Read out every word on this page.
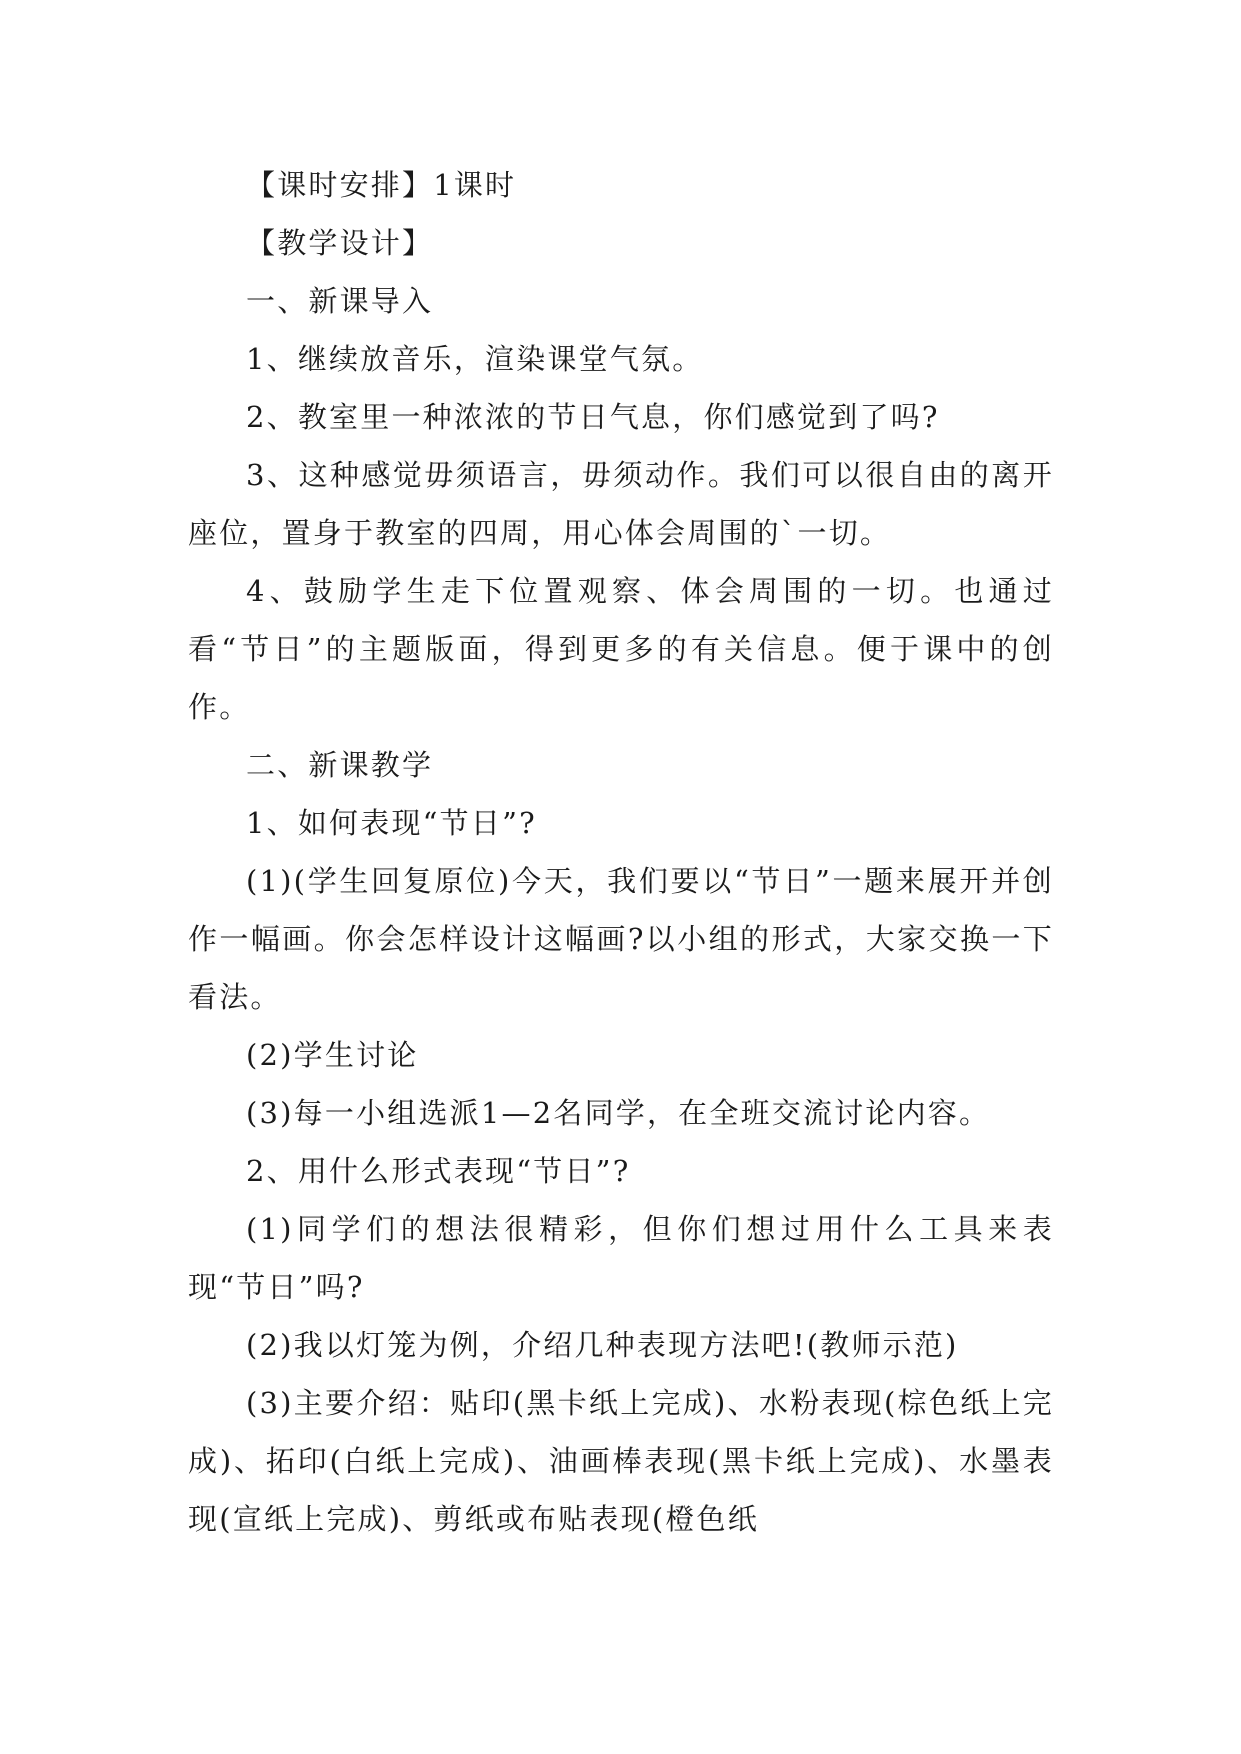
【课时安排】1课时

【教学设计】

一、新课导入

1、继续放音乐，渲染课堂气氛。

2、教室里一种浓浓的节日气息，你们感觉到了吗?

3、这种感觉毋须语言，毋须动作。我们可以很自由的离开座位，置身于教室的四周，用心体会周围的`一切。

4、鼓励学生走下位置观察、体会周围的一切。也通过看“节日”的主题版面，得到更多的有关信息。便于课中的创作。

二、新课教学

1、如何表现“节日”?

(1)(学生回复原位)今天，我们要以“节日”一题来展开并创作一幅画。你会怎样设计这幅画?以小组的形式，大家交换一下看法。

(2)学生讨论

(3)每一小组选派1—2名同学，在全班交流讨论内容。

2、用什么形式表现“节日”?

(1)同学们的想法很精彩，但你们想过用什么工具来表现“节日”吗?

(2)我以灯笼为例，介绍几种表现方法吧!(教师示范)

(3)主要介绍：贴印(黑卡纸上完成)、水粉表现(棕色纸上完成)、拓印(白纸上完成)、油画棒表现(黑卡纸上完成)、水墨表现(宣纸上完成)、剪纸或布贴表现(橙色纸
